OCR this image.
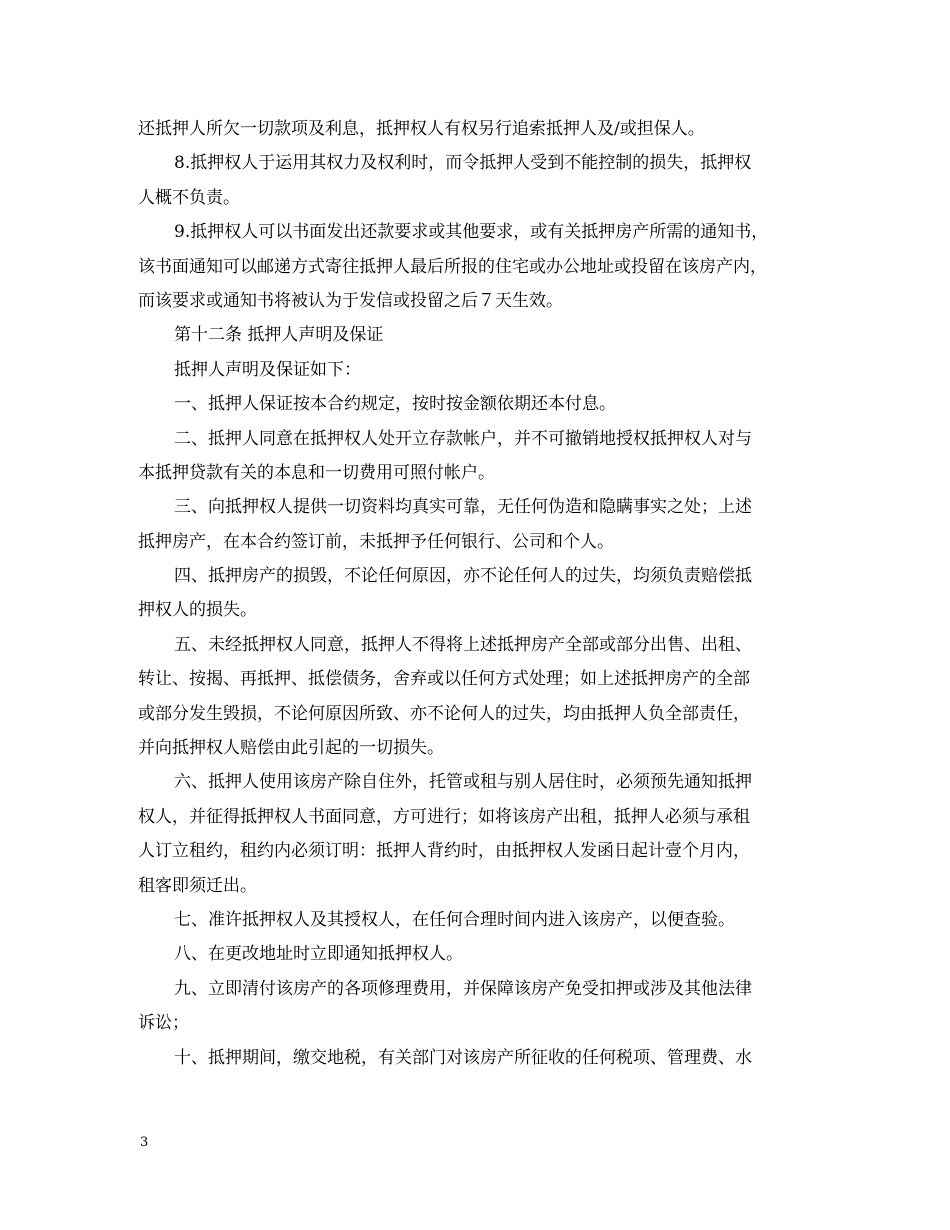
还抵押人所欠一切款项及利息，抵押权人有权另行追索抵押人及/或担保人。
8.抵押权人于运用其权力及权利时，而令抵押人受到不能控制的损失，抵押权
人概不负责。
9.抵押权人可以书面发出还款要求或其他要求，或有关抵押房产所需的通知书，
该书面通知可以邮递方式寄往抵押人最后所报的住宅或办公地址或投留在该房产内，
而该要求或通知书将被认为于发信或投留之后７天生效。
第十二条 抵押人声明及保证
抵押人声明及保证如下：
一、抵押人保证按本合约规定，按时按金额依期还本付息。
二、抵押人同意在抵押权人处开立存款帐户，并不可撤销地授权抵押权人对与
本抵押贷款有关的本息和一切费用可照付帐户。
三、向抵押权人提供一切资料均真实可靠，无任何伪造和隐瞒事实之处；上述
抵押房产，在本合约签订前，未抵押予任何银行、公司和个人。
四、抵押房产的损毁，不论任何原因，亦不论任何人的过失，均须负责赔偿抵
押权人的损失。
五、未经抵押权人同意，抵押人不得将上述抵押房产全部或部分出售、出租、
转让、按揭、再抵押、抵偿债务，舍弃或以任何方式处理；如上述抵押房产的全部
或部分发生毁损，不论何原因所致、亦不论何人的过失，均由抵押人负全部责任，
并向抵押权人赔偿由此引起的一切损失。
六、抵押人使用该房产除自住外，托管或租与别人居住时，必须预先通知抵押
权人，并征得抵押权人书面同意，方可进行；如将该房产出租，抵押人必须与承租
人订立租约，租约内必须订明：抵押人背约时，由抵押权人发函日起计壹个月内，
租客即须迁出。
七、准许抵押权人及其授权人，在任何合理时间内进入该房产，以便查验。
八、在更改地址时立即通知抵押权人。
九、立即清付该房产的各项修理费用，并保障该房产免受扣押或涉及其他法律
诉讼；
十、抵押期间，缴交地税，有关部门对该房产所征收的任何税项、管理费、水
3
